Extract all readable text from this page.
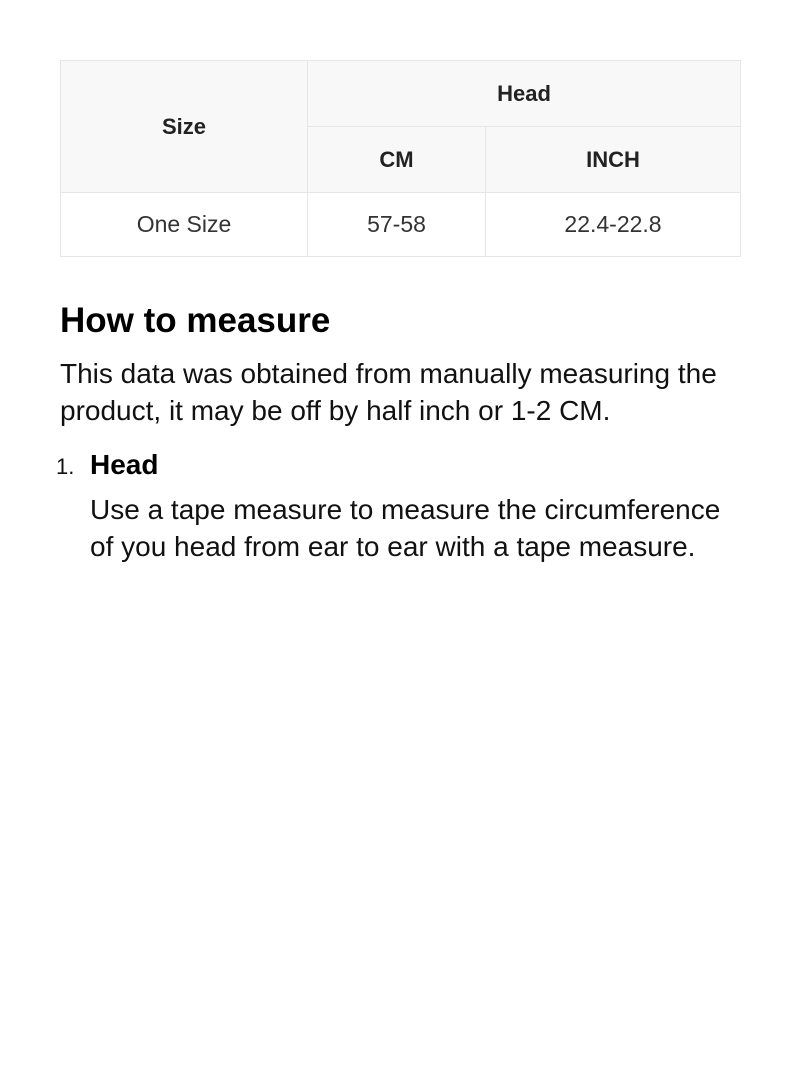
Size	Head	
	CM	INCH
One Size	57-58	22.4-22.8
How to measure

This data was obtained from manually measuring the product, it may be off by half inch or 1-2 CM.

1. Head
Use a tape measure to measure the circumference of you head from ear to ear with a tape measure.
